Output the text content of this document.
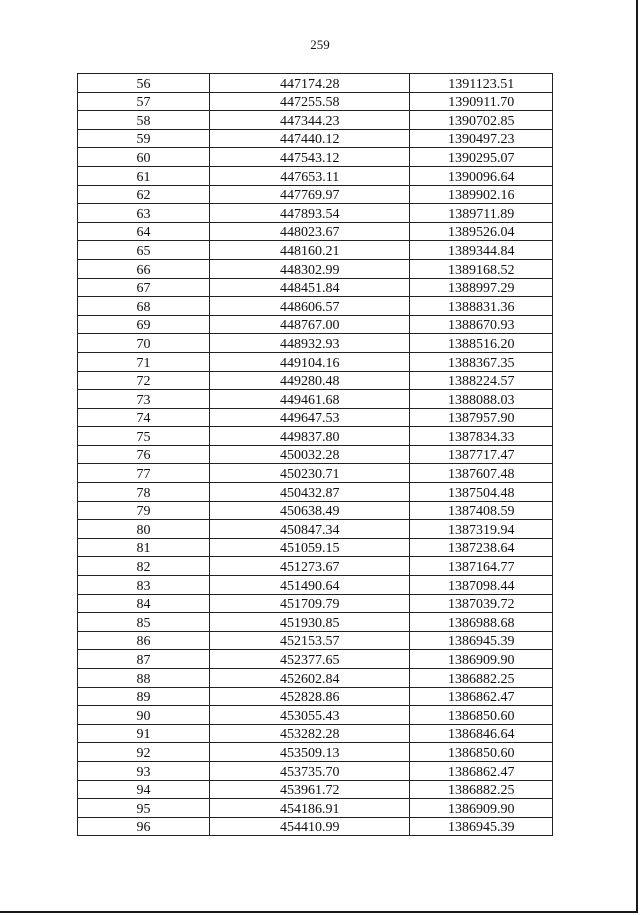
259
56	447174.28	1391123.51
57	447255.58	1390911.70
58	447344.23	1390702.85
59	447440.12	1390497.23
60	447543.12	1390295.07
61	447653.11	1390096.64
62	447769.97	1389902.16
63	447893.54	1389711.89
64	448023.67	1389526.04
65	448160.21	1389344.84
66	448302.99	1389168.52
67	448451.84	1388997.29
68	448606.57	1388831.36
69	448767.00	1388670.93
70	448932.93	1388516.20
71	449104.16	1388367.35
72	449280.48	1388224.57
73	449461.68	1388088.03
74	449647.53	1387957.90
75	449837.80	1387834.33
76	450032.28	1387717.47
77	450230.71	1387607.48
78	450432.87	1387504.48
79	450638.49	1387408.59
80	450847.34	1387319.94
81	451059.15	1387238.64
82	451273.67	1387164.77
83	451490.64	1387098.44
84	451709.79	1387039.72
85	451930.85	1386988.68
86	452153.57	1386945.39
87	452377.65	1386909.90
88	452602.84	1386882.25
89	452828.86	1386862.47
90	453055.43	1386850.60
91	453282.28	1386846.64
92	453509.13	1386850.60
93	453735.70	1386862.47
94	453961.72	1386882.25
95	454186.91	1386909.90
96	454410.99	1386945.39
